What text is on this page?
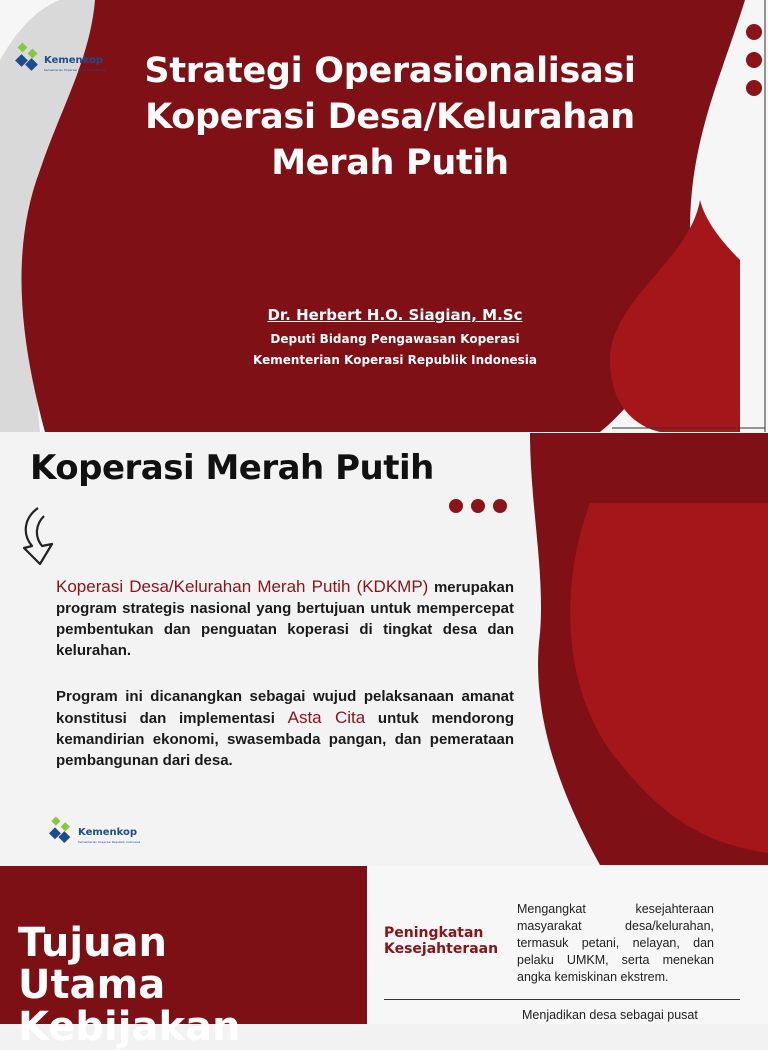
Kemenkop
Kementerian Koperasi Republik Indonesia	Strategi Operasionalisasi
Koperasi Desa/Kelurahan
Merah Putih
Dr. Herbert H.O. Siagian, M.Sc
Deputi Bidang Pengawasan Koperasi
Kementerian Koperasi Republik Indonesia
Koperasi Merah Putih
Koperasi Desa/Kelurahan Merah Putih (KDKMP) merupakan program strategis nasional yang bertujuan untuk mempercepat pembentukan dan penguatan koperasi di tingkat desa dan kelurahan.
Program ini dicanangkan sebagai wujud pelaksanaan amanat konstitusi dan implementasi Asta Cita untuk mendorong kemandirian ekonomi, swasembada pangan, dan pemerataan pembangunan dari desa.
Kemenkop
Kementerian Koperasi Republik Indonesia
Tujuan
Utama
Kebijakan
Peningkatan
Kesejahteraan
Mengangkat kesejahteraan masyarakat desa/kelurahan, termasuk petani, nelayan, dan pelaku UMKM, serta menekan angka kemiskinan ekstrem.
Menjadikan desa sebagai pusat
